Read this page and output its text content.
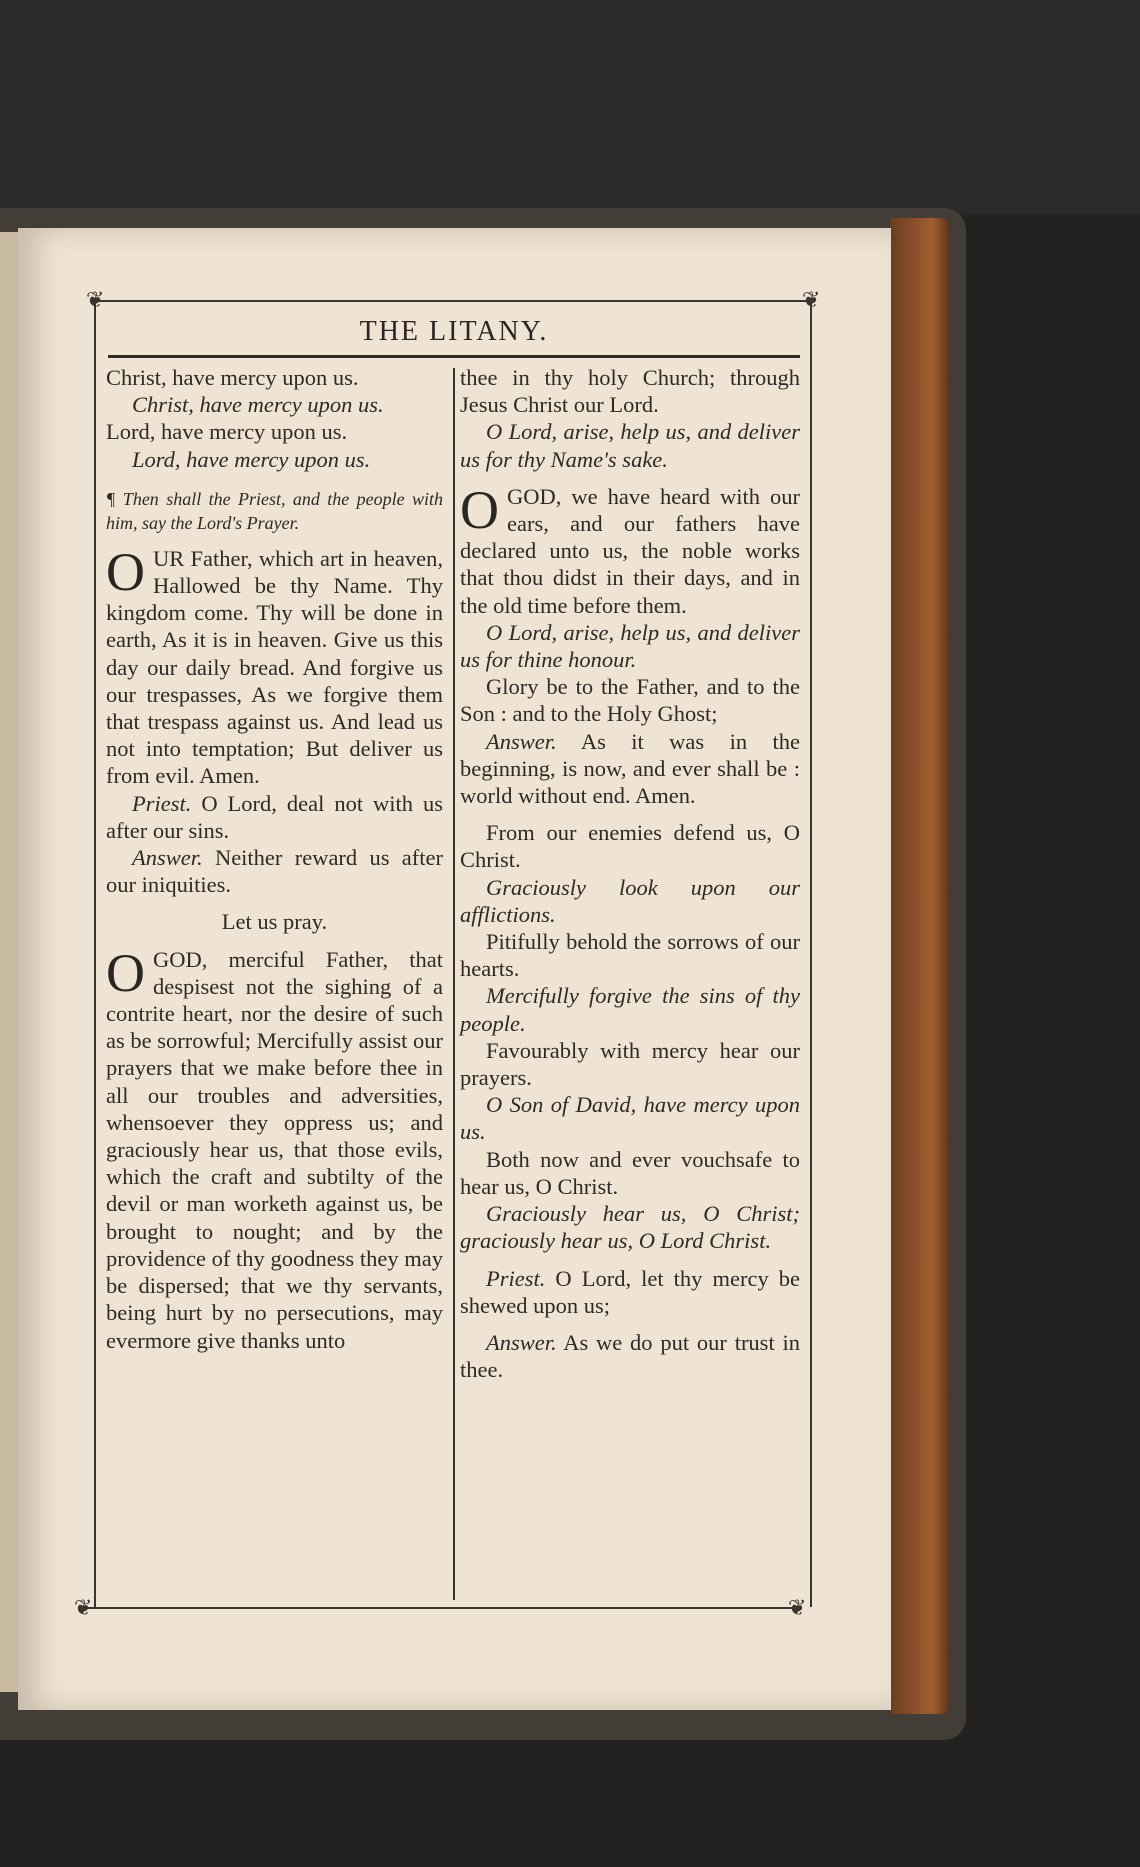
❦	❦
❦	❦
THE LITANY.

Christ, have mercy upon us.

Christ, have mercy upon us.

Lord, have mercy upon us.

Lord, have mercy upon us.

¶ Then shall the Priest, and the people with him, say the Lord's Prayer.

OUR Father, which art in heaven, Hallowed be thy Name. Thy kingdom come. Thy will be done in earth, As it is in heaven. Give us this day our daily bread. And forgive us our trespasses, As we forgive them that trespass against us. And lead us not into temptation; But deliver us from evil. Amen.

Priest. O Lord, deal not with us after our sins.

Answer. Neither reward us after our iniquities.

Let us pray.

OGOD, merciful Father, that despisest not the sighing of a contrite heart, nor the desire of such as be sorrowful; Mercifully assist our prayers that we make before thee in all our troubles and adversities, whensoever they oppress us; and graciously hear us, that those evils, which the craft and subtilty of the devil or man worketh against us, be brought to nought; and by the providence of thy goodness they may be dispersed; that we thy servants, being hurt by no persecutions, may evermore give thanks unto

thee in thy holy Church; through Jesus Christ our Lord.

O Lord, arise, help us, and deliver us for thy Name's sake.

OGOD, we have heard with our ears, and our fathers have declared unto us, the noble works that thou didst in their days, and in the old time before them.

O Lord, arise, help us, and deliver us for thine honour.

Glory be to the Father, and to the Son : and to the Holy Ghost;

Answer. As it was in the beginning, is now, and ever shall be : world without end. Amen.

From our enemies defend us, O Christ.

Graciously look upon our afflictions.

Pitifully behold the sorrows of our hearts.

Mercifully forgive the sins of thy people.

Favourably with mercy hear our prayers.

O Son of David, have mercy upon us.

Both now and ever vouchsafe to hear us, O Christ.

Graciously hear us, O Christ; graciously hear us, O Lord Christ.

Priest. O Lord, let thy mercy be shewed upon us;

Answer. As we do put our trust in thee.
